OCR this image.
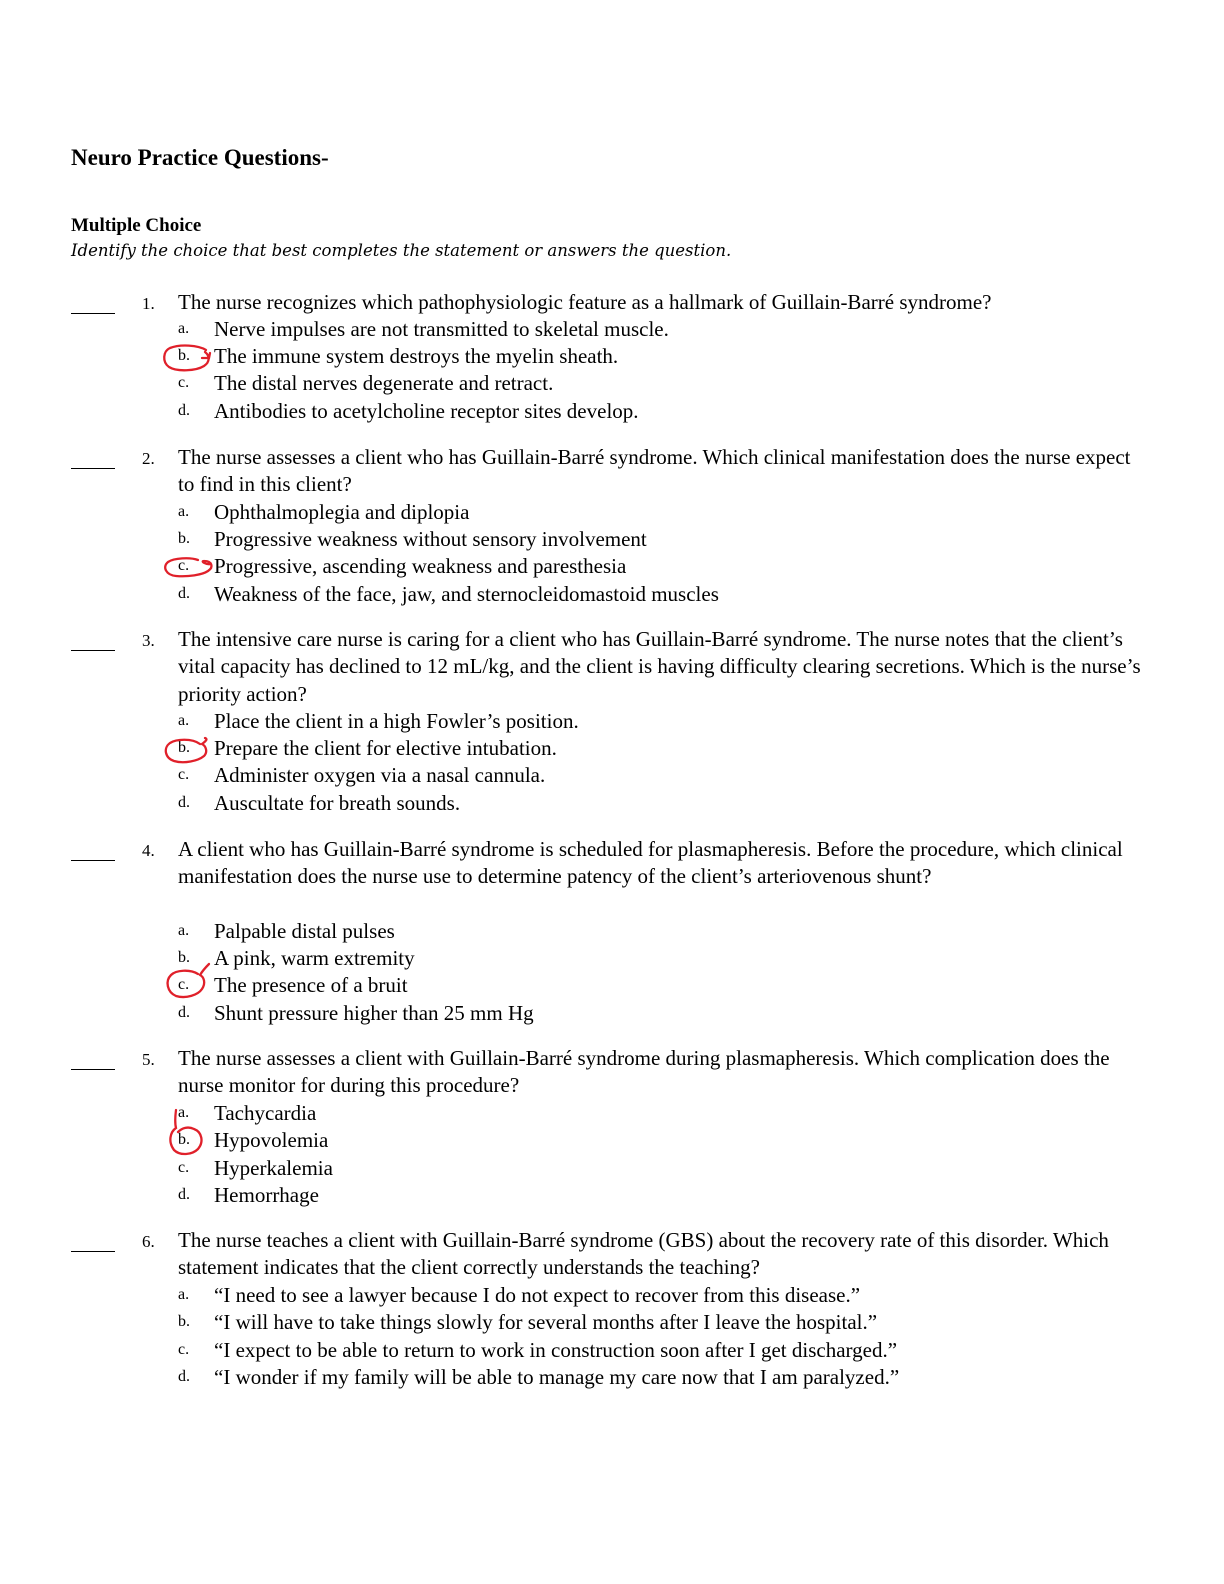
Neuro Practice Questions-
Multiple Choice
Identify the choice that best completes the statement or answers the question.
1.	The nurse recognizes which pathophysiologic feature as a hallmark of Guillain-Barré syndrome?
a. Nerve impulses are not transmitted to skeletal muscle.
b. The immune system destroys the myelin sheath.
c. The distal nerves degenerate and retract.
d. Antibodies to acetylcholine receptor sites develop.
2.	The nurse assesses a client who has Guillain-Barré syndrome. Which clinical manifestation does the nurse expect to find in this client?
a. Ophthalmoplegia and diplopia
b. Progressive weakness without sensory involvement
c. Progressive, ascending weakness and paresthesia
d. Weakness of the face, jaw, and sternocleidomastoid muscles
3.	The intensive care nurse is caring for a client who has Guillain-Barré syndrome. The nurse notes that the client’s vital capacity has declined to 12 mL/kg, and the client is having difficulty clearing secretions. Which is the nurse’s priority action?
a. Place the client in a high Fowler’s position.
b. Prepare the client for elective intubation.
c. Administer oxygen via a nasal cannula.
d. Auscultate for breath sounds.
4.	A client who has Guillain-Barré syndrome is scheduled for plasmapheresis. Before the procedure, which clinical manifestation does the nurse use to determine patency of the client’s arteriovenous shunt?
a. Palpable distal pulses
b. A pink, warm extremity
c. The presence of a bruit
d. Shunt pressure higher than 25 mm Hg
5.	The nurse assesses a client with Guillain-Barré syndrome during plasmapheresis. Which complication does the nurse monitor for during this procedure?
a. Tachycardia
b. Hypovolemia
c. Hyperkalemia
d. Hemorrhage
6.	The nurse teaches a client with Guillain-Barré syndrome (GBS) about the recovery rate of this disorder. Which statement indicates that the client correctly understands the teaching?
a. “I need to see a lawyer because I do not expect to recover from this disease.”
b. “I will have to take things slowly for several months after I leave the hospital.”
c. “I expect to be able to return to work in construction soon after I get discharged.”
d. “I wonder if my family will be able to manage my care now that I am paralyzed.”
